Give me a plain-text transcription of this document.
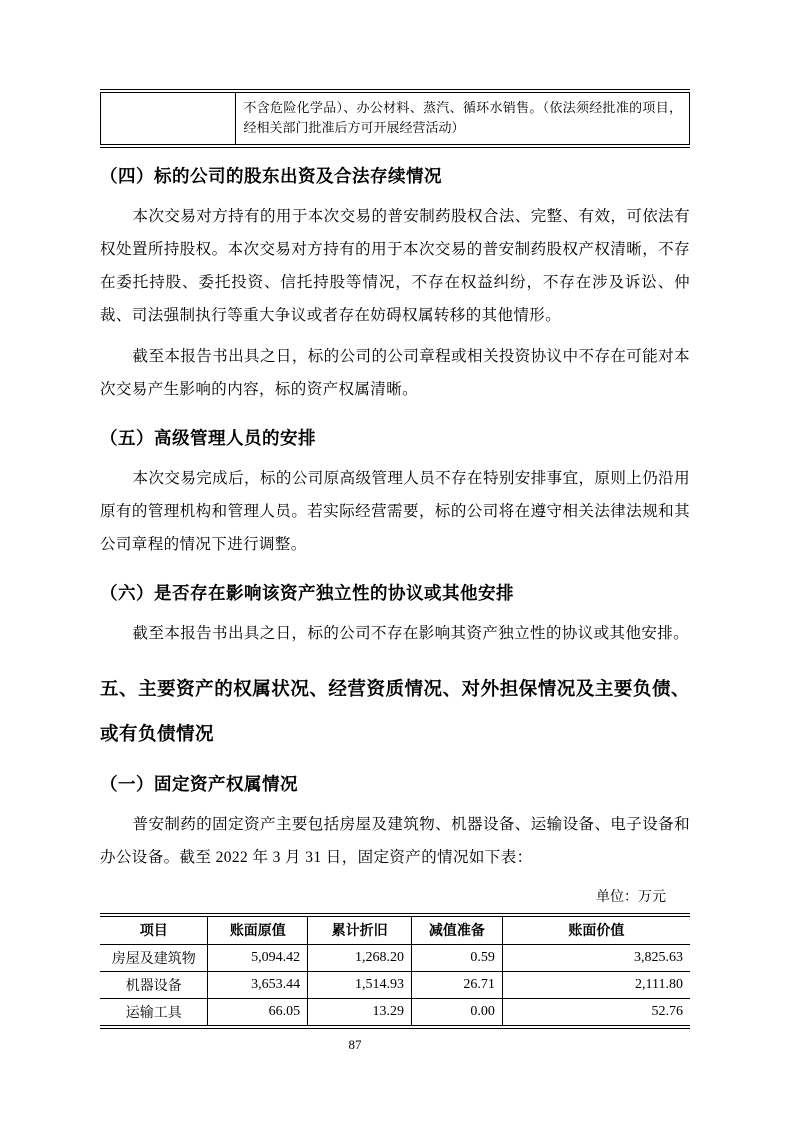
	不含危险化学品）、办公材料、蒸汽、循环水销售。（依法须经批准的项目，经相关部门批准后方可开展经营活动）
（四）标的公司的股东出资及合法存续情况

本次交易对方持有的用于本次交易的普安制药股权合法、完整、有效，可依法有权处置所持股权。本次交易对方持有的用于本次交易的普安制药股权产权清晰，不存在委托持股、委托投资、信托持股等情况，不存在权益纠纷，不存在涉及诉讼、仲裁、司法强制执行等重大争议或者存在妨碍权属转移的其他情形。

截至本报告书出具之日，标的公司的公司章程或相关投资协议中不存在可能对本次交易产生影响的内容，标的资产权属清晰。

（五）高级管理人员的安排

本次交易完成后，标的公司原高级管理人员不存在特别安排事宜，原则上仍沿用原有的管理机构和管理人员。若实际经营需要，标的公司将在遵守相关法律法规和其公司章程的情况下进行调整。

（六）是否存在影响该资产独立性的协议或其他安排

截至本报告书出具之日，标的公司不存在影响其资产独立性的协议或其他安排。

五、主要资产的权属状况、经营资质情况、对外担保情况及主要负债、或有负债情况
（一）固定资产权属情况

普安制药的固定资产主要包括房屋及建筑物、机器设备、运输设备、电子设备和办公设备。截至 2022 年 3 月 31 日，固定资产的情况如下表：

单位：万元
项目	账面原值	累计折旧	减值准备	账面价值
房屋及建筑物	5,094.42	1,268.20	0.59	3,825.63
机器设备	3,653.44	1,514.93	26.71	2,111.80
运输工具	66.05	13.29	0.00	52.76
87
